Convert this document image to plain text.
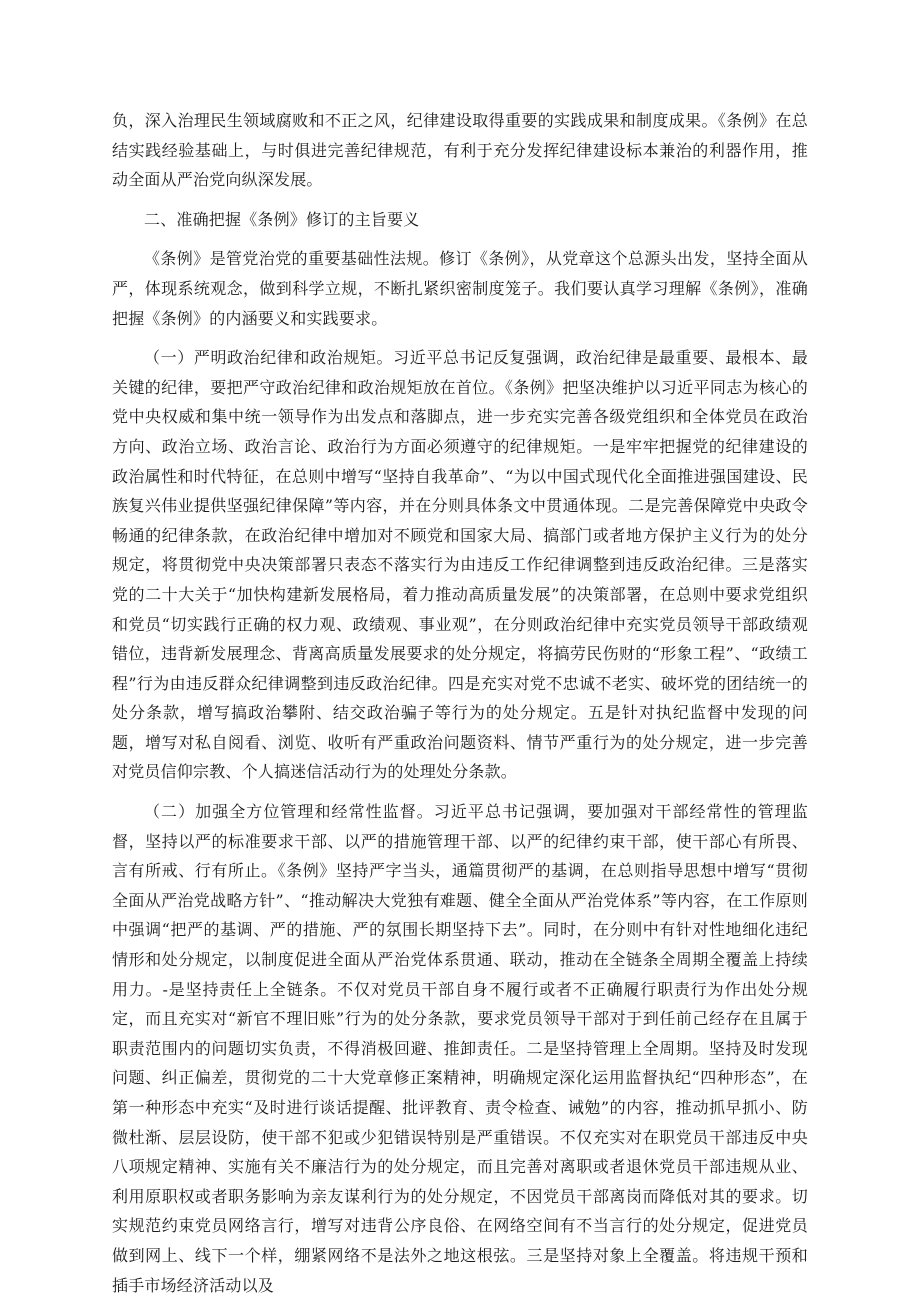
负，深入治理民生领域腐败和不正之风，纪律建设取得重要的实践成果和制度成果。《条例》在总结实践经验基础上，与时俱进完善纪律规范，有利于充分发挥纪律建设标本兼治的利器作用，推动全面从严治党向纵深发展。

二、准确把握《条例》修订的主旨要义

《条例》是管党治党的重要基础性法规。修订《条例》，从党章这个总源头出发，坚持全面从严，体现系统观念，做到科学立规，不断扎紧织密制度笼子。我们要认真学习理解《条例》，准确把握《条例》的内涵要义和实践要求。

（一）严明政治纪律和政治规矩。习近平总书记反复强调，政治纪律是最重要、最根本、最关键的纪律，要把严守政治纪律和政治规矩放在首位。《条例》把坚决维护以习近平同志为核心的党中央权威和集中统一领导作为出发点和落脚点，进一步充实完善各级党组织和全体党员在政治方向、政治立场、政治言论、政治行为方面必须遵守的纪律规矩。一是牢牢把握党的纪律建设的政治属性和时代特征，在总则中增写“坚持自我革命”、“为以中国式现代化全面推进强国建设、民族复兴伟业提供坚强纪律保障”等内容，并在分则具体条文中贯通体现。二是完善保障党中央政令畅通的纪律条款，在政治纪律中增加对不顾党和国家大局、搞部门或者地方保护主义行为的处分规定，将贯彻党中央决策部署只表态不落实行为由违反工作纪律调整到违反政治纪律。三是落实党的二十大关于“加快构建新发展格局，着力推动高质量发展”的决策部署，在总则中要求党组织和党员“切实践行正确的权力观、政绩观、事业观”，在分则政治纪律中充实党员领导干部政绩观错位，违背新发展理念、背离高质量发展要求的处分规定，将搞劳民伤财的“形象工程”、“政绩工程”行为由违反群众纪律调整到违反政治纪律。四是充实对党不忠诚不老实、破坏党的团结统一的处分条款，增写搞政治攀附、结交政治骗子等行为的处分规定。五是针对执纪监督中发现的问题，增写对私自阅看、浏览、收听有严重政治问题资料、情节严重行为的处分规定，进一步完善对党员信仰宗教、个人搞迷信活动行为的处理处分条款。

（二）加强全方位管理和经常性监督。习近平总书记强调，要加强对干部经常性的管理监督，坚持以严的标准要求干部、以严的措施管理干部、以严的纪律约束干部，使干部心有所畏、言有所戒、行有所止。《条例》坚持严字当头，通篇贯彻严的基调，在总则指导思想中增写“贯彻全面从严治党战略方针”、“推动解决大党独有难题、健全全面从严治党体系”等内容，在工作原则中强调“把严的基调、严的措施、严的氛围长期坚持下去”。同时，在分则中有针对性地细化违纪情形和处分规定，以制度促进全面从严治党体系贯通、联动，推动在全链条全周期全覆盖上持续用力。-是坚持责任上全链条。不仅对党员干部自身不履行或者不正确履行职责行为作出处分规定，而且充实对“新官不理旧账”行为的处分条款，要求党员领导干部对于到任前己经存在且属于职责范围内的问题切实负责，不得消极回避、推卸责任。二是坚持管理上全周期。坚持及时发现问题、纠正偏差，贯彻党的二十大党章修正案精神，明确规定深化运用监督执纪“四种形态”，在第一种形态中充实“及时进行谈话提醒、批评教育、责令检查、诫勉”的内容，推动抓早抓小、防微杜渐、层层设防，使干部不犯或少犯错误特别是严重错误。不仅充实对在职党员干部违反中央八项规定精神、实施有关不廉洁行为的处分规定，而且完善对离职或者退休党员干部违规从业、利用原职权或者职务影响为亲友谋利行为的处分规定，不因党员干部离岗而降低对其的要求。切实规范约束党员网络言行，增写对违背公序良俗、在网络空间有不当言行的处分规定，促进党员做到网上、线下一个样，绷紧网络不是法外之地这根弦。三是坚持对象上全覆盖。将违规干预和插手市场经济活动以及
